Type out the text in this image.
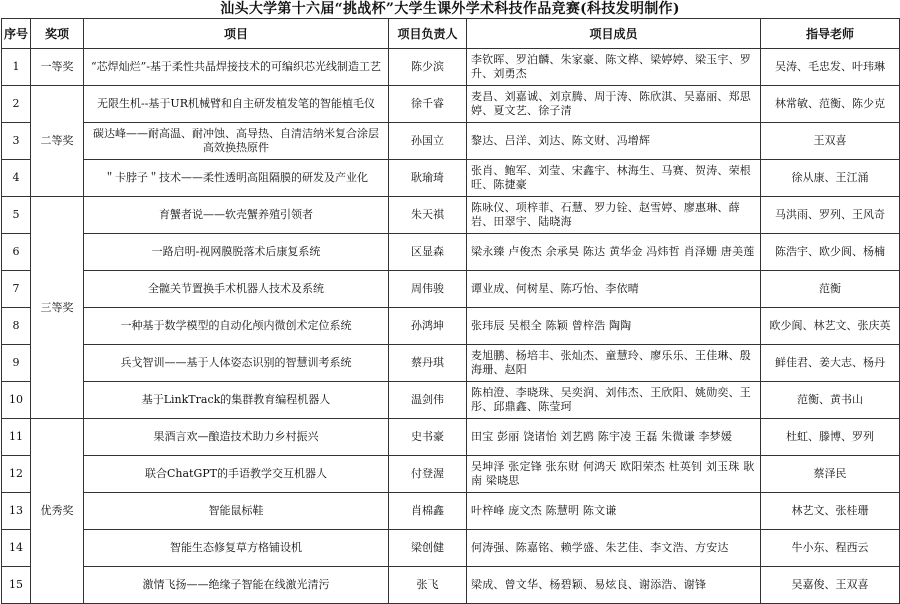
汕头大学第十六届“挑战杯”大学生课外学术科技作品竞赛(科技发明制作)
序号	奖项	项目	项目负责人	项目成员	指导老师
1	一等奖	“芯焊灿烂”-基于柔性共晶焊接技术的可编织芯光线制造工艺	陈少滨	李钦晖、罗泊麟、朱家豪、陈文桦、梁婷婷、梁玉宇、罗升、刘勇杰	吴涛、毛忠发、叶玮琳
2	二等奖	无限生机--基于UR机械臂和自主研发植发笔的智能植毛仪	徐千睿	麦昌、刘嘉诚、刘京腾、周于涛、陈欣淇、吴嘉丽、郑思婷、夏文艺、徐子清	林常敏、范衡、陈少克
3		碳达峰——耐高温、耐冲蚀、高导热、自清洁纳米复合涂层高效换热原件	孙国立	黎达、吕洋、刘达、陈文财、冯增辉	王双喜
4		＂卡脖子＂技术——柔性透明高阻隔膜的研发及产业化	耿瑜琦	张肖、鲍军、刘莹、宋鑫宇、林海生、马赛、贺涛、荣根旺、陈捷豪	徐从康、王江涌
5	三等奖	育蟹者说——软壳蟹养殖引领者	朱天祺	陈咏仪、项梓菲、石慧、罗力铨、赵雪婷、廖惠琳、薛岩、田翠宇、陆晓海	马洪雨、罗列、王风奇
6		一路启明-视网膜脱落术后康复系统	区显森	梁永臻 卢俊杰 余承昊 陈达 黄华金 冯炜哲 肖泽姗 唐美莲	陈浩宇、欧少阆、杨楠
7		全髋关节置换手术机器人技术及系统	周伟骏	谭业成、何树星、陈巧怡、李依晴	范衡
8		一种基于数学模型的自动化颅内微创术定位系统	孙鸿坤	张玮辰 吴根全 陈颖 曾梓浩 陶陶	欧少阆、林艺文、张庆英
9		兵戈智训——基于人体姿态识别的智慧训考系统	蔡丹琪	麦旭鹏、杨培丰、张灿杰、童慧玲、廖乐乐、王佳琳、殷海珊、赵阳	鲜佳君、姜大志、杨丹
10		基于LinkTrack的集群教育编程机器人	温剑伟	陈柏澄、李晓珠、吴奕润、刘伟杰、王欣阳、姚勋奕、王彤、邱鼎鑫、陈莹珂	范衡、黄书山
11	优秀奖	果酒言欢—酿造技术助力乡村振兴	史书豪	田宝 彭丽 饶诸怡 刘艺鸥 陈宇凌 王磊 朱微谦 李梦媛	杜虹、滕博、罗列
12		联合ChatGPT的手语教学交互机器人	付登渥	吴坤泽 张定锋 张东财 何鸿天 欧阳荣杰 杜英钊 刘玉珠 耿南 梁晓思	蔡泽民
13		智能鼠标鞋	肖棉鑫	叶梓峰 庞文杰 陈慧明 陈文谦	林艺文、张桂珊
14		智能生态修复草方格铺设机	梁创健	何涛强、陈嘉铭、赖学盛、朱艺佳、李文浩、方安达	牛小东、程西云
15		激情飞扬——绝缘子智能在线激光清污	张飞	梁成、曾文华、杨碧颖、易炫良、谢添浩、谢锋	吴嘉俊、王双喜
